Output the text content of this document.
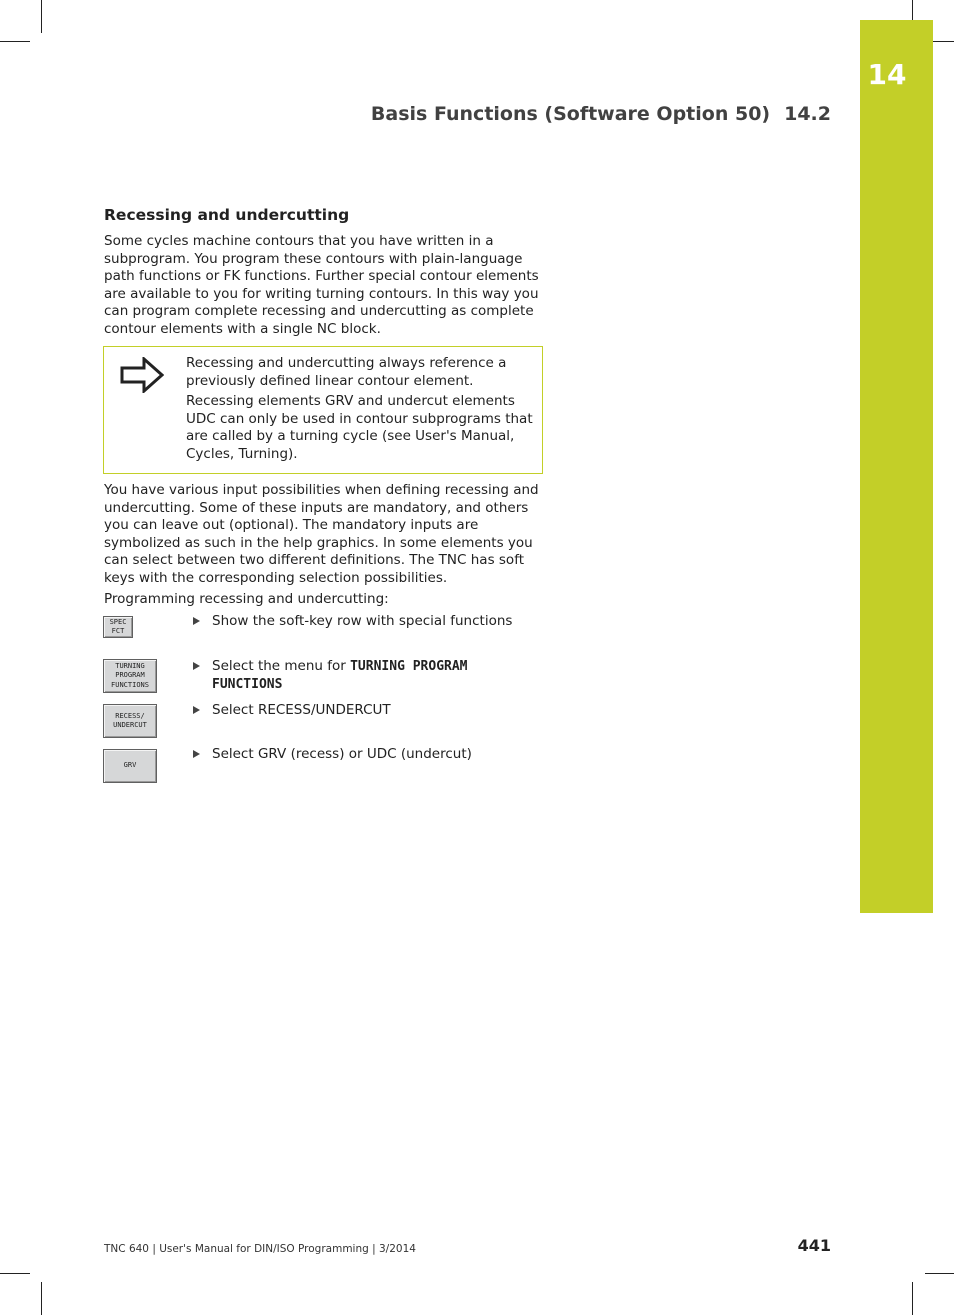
14
Basis Functions (Software Option 50) 14.2
Recessing and undercutting

Some cycles machine contours that you have written in a subprogram. You program these contours with plain-language path functions or FK functions. Further special contour elements are available to you for writing turning contours. In this way you can program complete recessing and undercutting as complete contour elements with a single NC block.

Recessing and undercutting always reference a previously defined linear contour element.

Recessing elements GRV and undercut elements UDC can only be used in contour subprograms that are called by a turning cycle (see User's Manual, Cycles, Turning).

You have various input possibilities when defining recessing and undercutting. Some of these inputs are mandatory, and others you can leave out (optional). The mandatory inputs are symbolized as such in the help graphics. In some elements you can select between two different definitions. The TNC has soft keys with the corresponding selection possibilities.

Programming recessing and undercutting:

SPEC
FCT
TURNING
PROGRAM
FUNCTIONS
RECESS/
UNDERCUT
GRV
Show the soft-key row with special functions
Select the menu for TURNING PROGRAM FUNCTIONS
Select RECESS/UNDERCUT
Select GRV (recess) or UDC (undercut)
TNC 640 | User's Manual for DIN/ISO Programming | 3/2014	441
